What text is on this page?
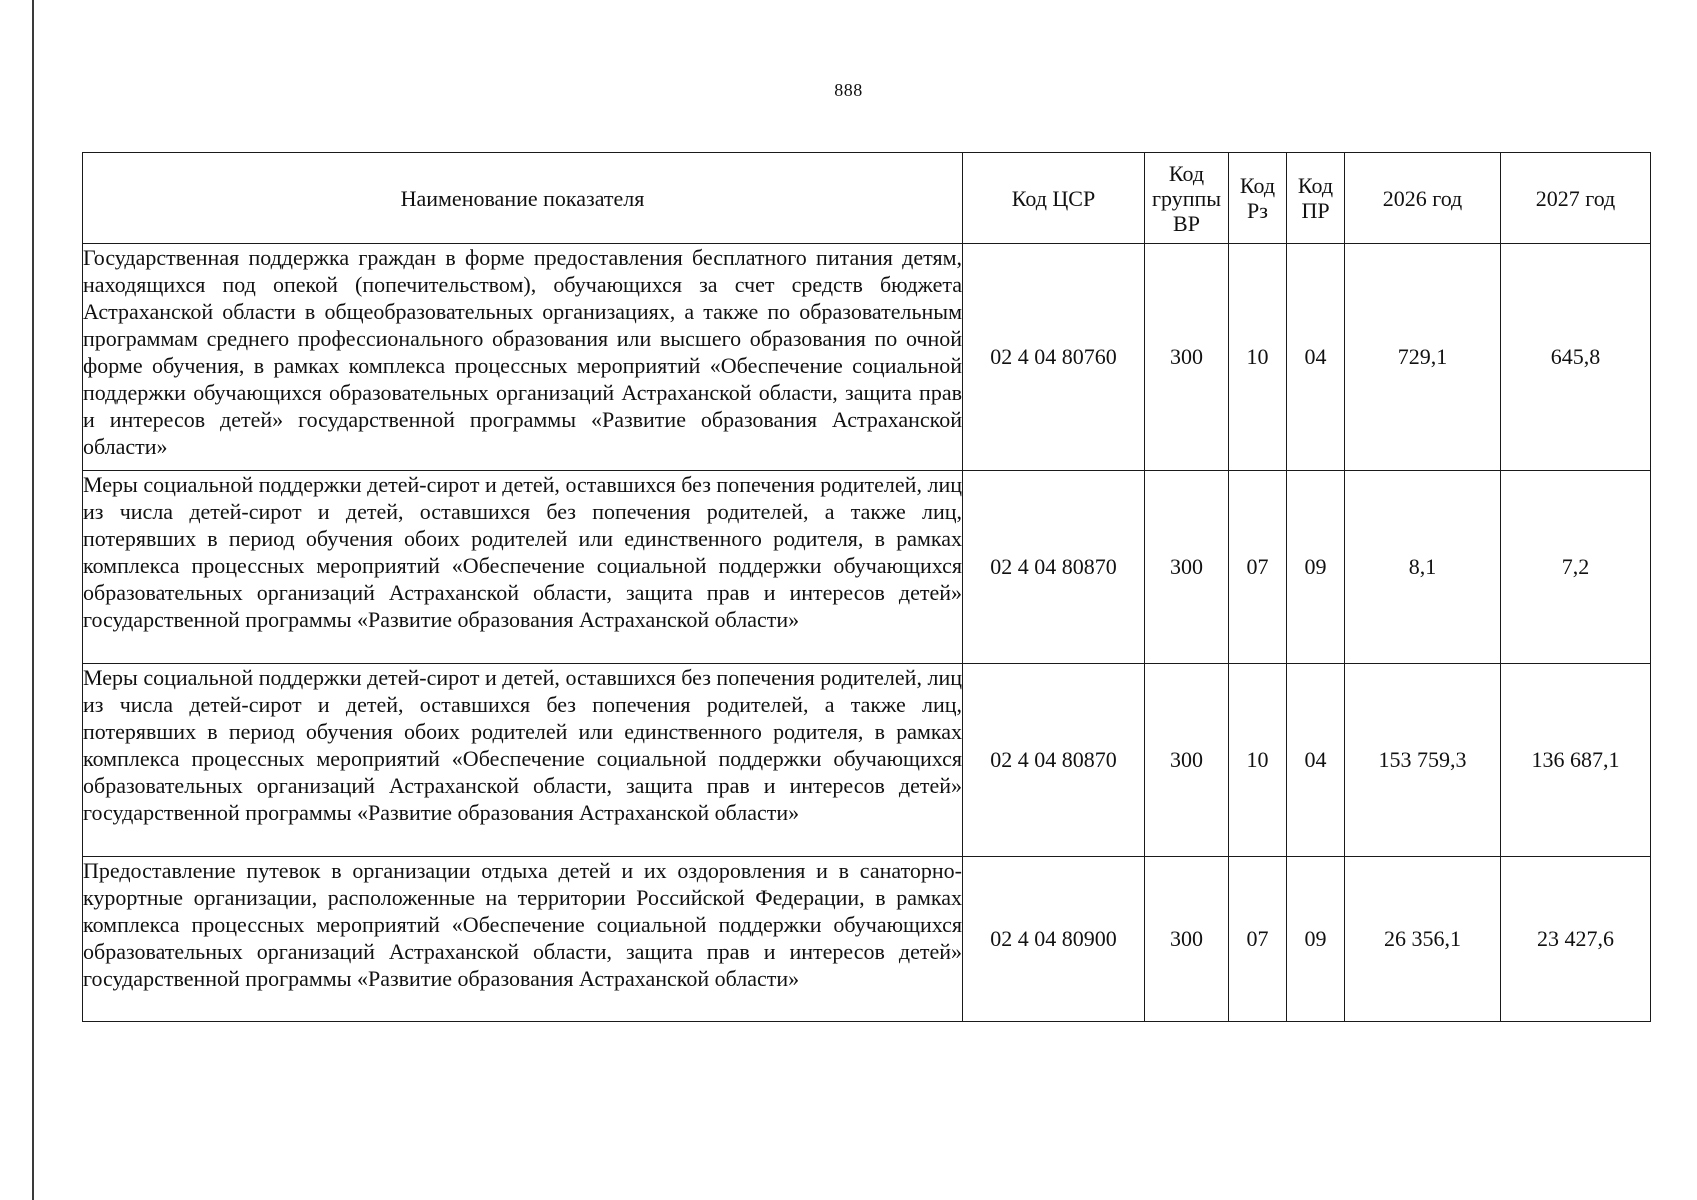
888
Наименование показателя	Код ЦСР	Код группы ВР	Код Рз	Код ПР	2026 год	2027 год
Государственная поддержка граждан в форме предоставления бесплатного питания детям, находящихся под опекой (попечительством), обучающихся за счет средств бюджета Астраханской области в общеобразовательных организациях, а также по образовательным программам среднего профессионального образования или высшего образования по очной форме обучения, в рамках комплекса процессных мероприятий «Обеспечение социальной поддержки обучающихся образовательных организаций Астраханской области, защита прав и интересов детей» государственной программы «Развитие образования Астраханской области»	02 4 04 80760	300	10	04	729,1	645,8
Меры социальной поддержки детей-сирот и детей, оставшихся без попечения родителей, лиц из числа детей-сирот и детей, оставшихся без попечения родителей, а также лиц, потерявших в период обучения обоих родителей или единственного родителя, в рамках комплекса процессных мероприятий «Обеспечение социальной поддержки обучающихся образовательных организаций Астраханской области, защита прав и интересов детей» государственной программы «Развитие образования Астраханской области»	02 4 04 80870	300	07	09	8,1	7,2
Меры социальной поддержки детей-сирот и детей, оставшихся без попечения родителей, лиц из числа детей-сирот и детей, оставшихся без попечения родителей, а также лиц, потерявших в период обучения обоих родителей или единственного родителя, в рамках комплекса процессных мероприятий «Обеспечение социальной поддержки обучающихся образовательных организаций Астраханской области, защита прав и интересов детей» государственной программы «Развитие образования Астраханской области»	02 4 04 80870	300	10	04	153 759,3	136 687,1
Предоставление путевок в организации отдыха детей и их оздоровления и в санаторно-курортные организации, расположенные на территории Российской Федерации, в рамках комплекса процессных мероприятий «Обеспечение социальной поддержки обучающихся образовательных организаций Астраханской области, защита прав и интересов детей» государственной программы «Развитие образования Астраханской области»	02 4 04 80900	300	07	09	26 356,1	23 427,6
